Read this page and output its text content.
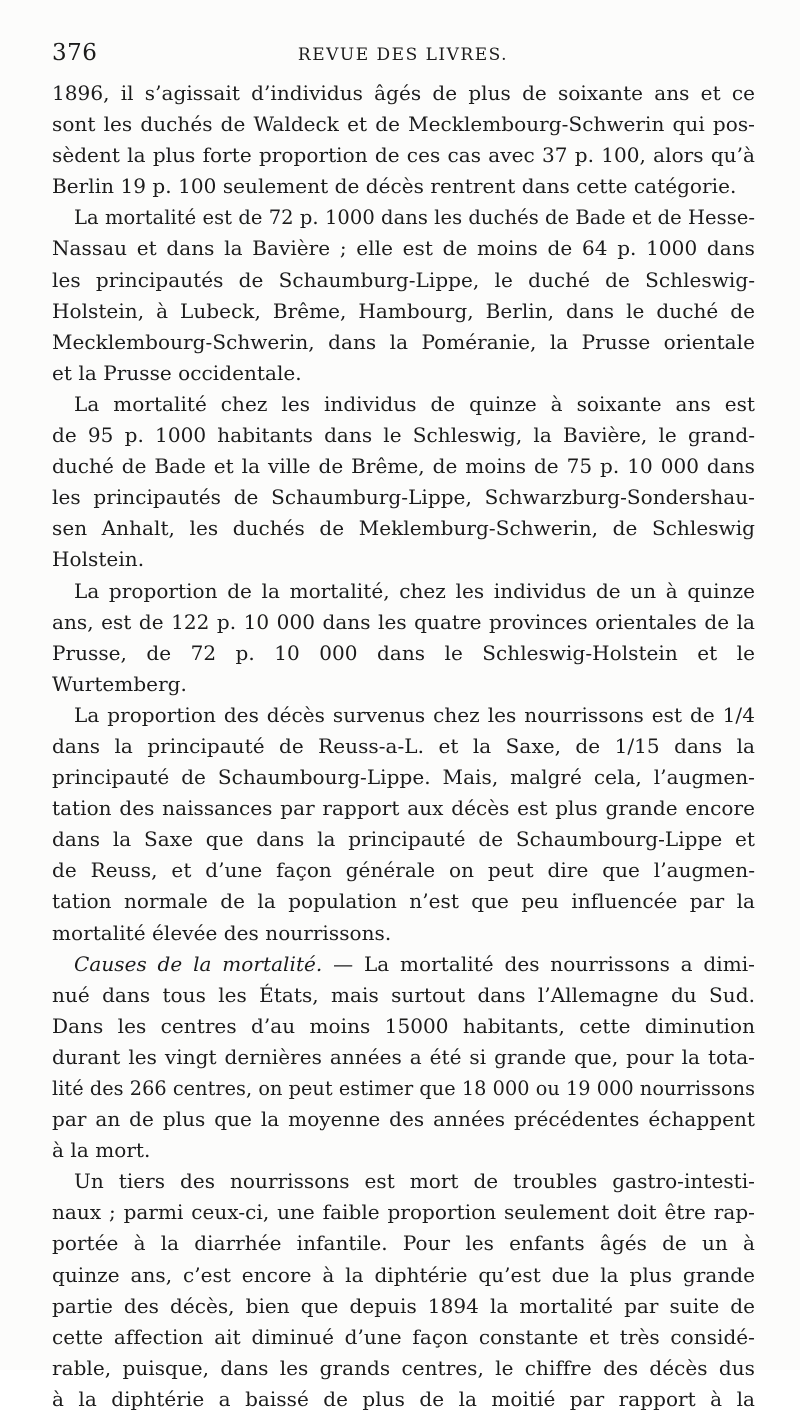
376	REVUE DES LIVRES.
1896, il s’agissait d’individus âgés de plus de soixante ans et ce
sont les duchés de Waldeck et de Mecklembourg-Schwerin qui pos-
sèdent la plus forte proportion de ces cas avec 37 p. 100, alors qu’à
Berlin 19 p. 100 seulement de décès rentrent dans cette catégorie.
La mortalité est de 72 p. 1000 dans les duchés de Bade et de Hesse-
Nassau et dans la Bavière ; elle est de moins de 64 p. 1000 dans
les principautés de Schaumburg-Lippe, le duché de Schleswig-
Holstein, à Lubeck, Brême, Hambourg, Berlin, dans le duché de
Mecklembourg-Schwerin, dans la Poméranie, la Prusse orientale
et la Prusse occidentale.
La mortalité chez les individus de quinze à soixante ans est
de 95 p. 1000 habitants dans le Schleswig, la Bavière, le grand-
duché de Bade et la ville de Brême, de moins de 75 p. 10 000 dans
les principautés de Schaumburg-Lippe, Schwarzburg-Sondershau-
sen Anhalt, les duchés de Meklemburg-Schwerin, de Schleswig
Holstein.
La proportion de la mortalité, chez les individus de un à quinze
ans, est de 122 p. 10 000 dans les quatre provinces orientales de la
Prusse, de 72 p. 10 000 dans le Schleswig-Holstein et le
Wurtemberg.
La proportion des décès survenus chez les nourrissons est de 1/4
dans la principauté de Reuss-a-L. et la Saxe, de 1/15 dans la
principauté de Schaumbourg-Lippe. Mais, malgré cela, l’augmen-
tation des naissances par rapport aux décès est plus grande encore
dans la Saxe que dans la principauté de Schaumbourg-Lippe et
de Reuss, et d’une façon générale on peut dire que l’augmen-
tation normale de la population n’est que peu influencée par la
mortalité élevée des nourrissons.
Causes de la mortalité. — La mortalité des nourrissons a dimi-
nué dans tous les États, mais surtout dans l’Allemagne du Sud.
Dans les centres d’au moins 15000 habitants, cette diminution
durant les vingt dernières années a été si grande que, pour la tota-
lité des 266 centres, on peut estimer que 18 000 ou 19 000 nourrissons
par an de plus que la moyenne des années précédentes échappent
à la mort.
Un tiers des nourrissons est mort de troubles gastro-intesti-
naux ; parmi ceux-ci, une faible proportion seulement doit être rap-
portée à la diarrhée infantile. Pour les enfants âgés de un à
quinze ans, c’est encore à la diphtérie qu’est due la plus grande
partie des décès, bien que depuis 1894 la mortalité par suite de
cette affection ait diminué d’une façon constante et très considé-
rable, puisque, dans les grands centres, le chiffre des décès dus
à la diphtérie a baissé de plus de la moitié par rapport à la
